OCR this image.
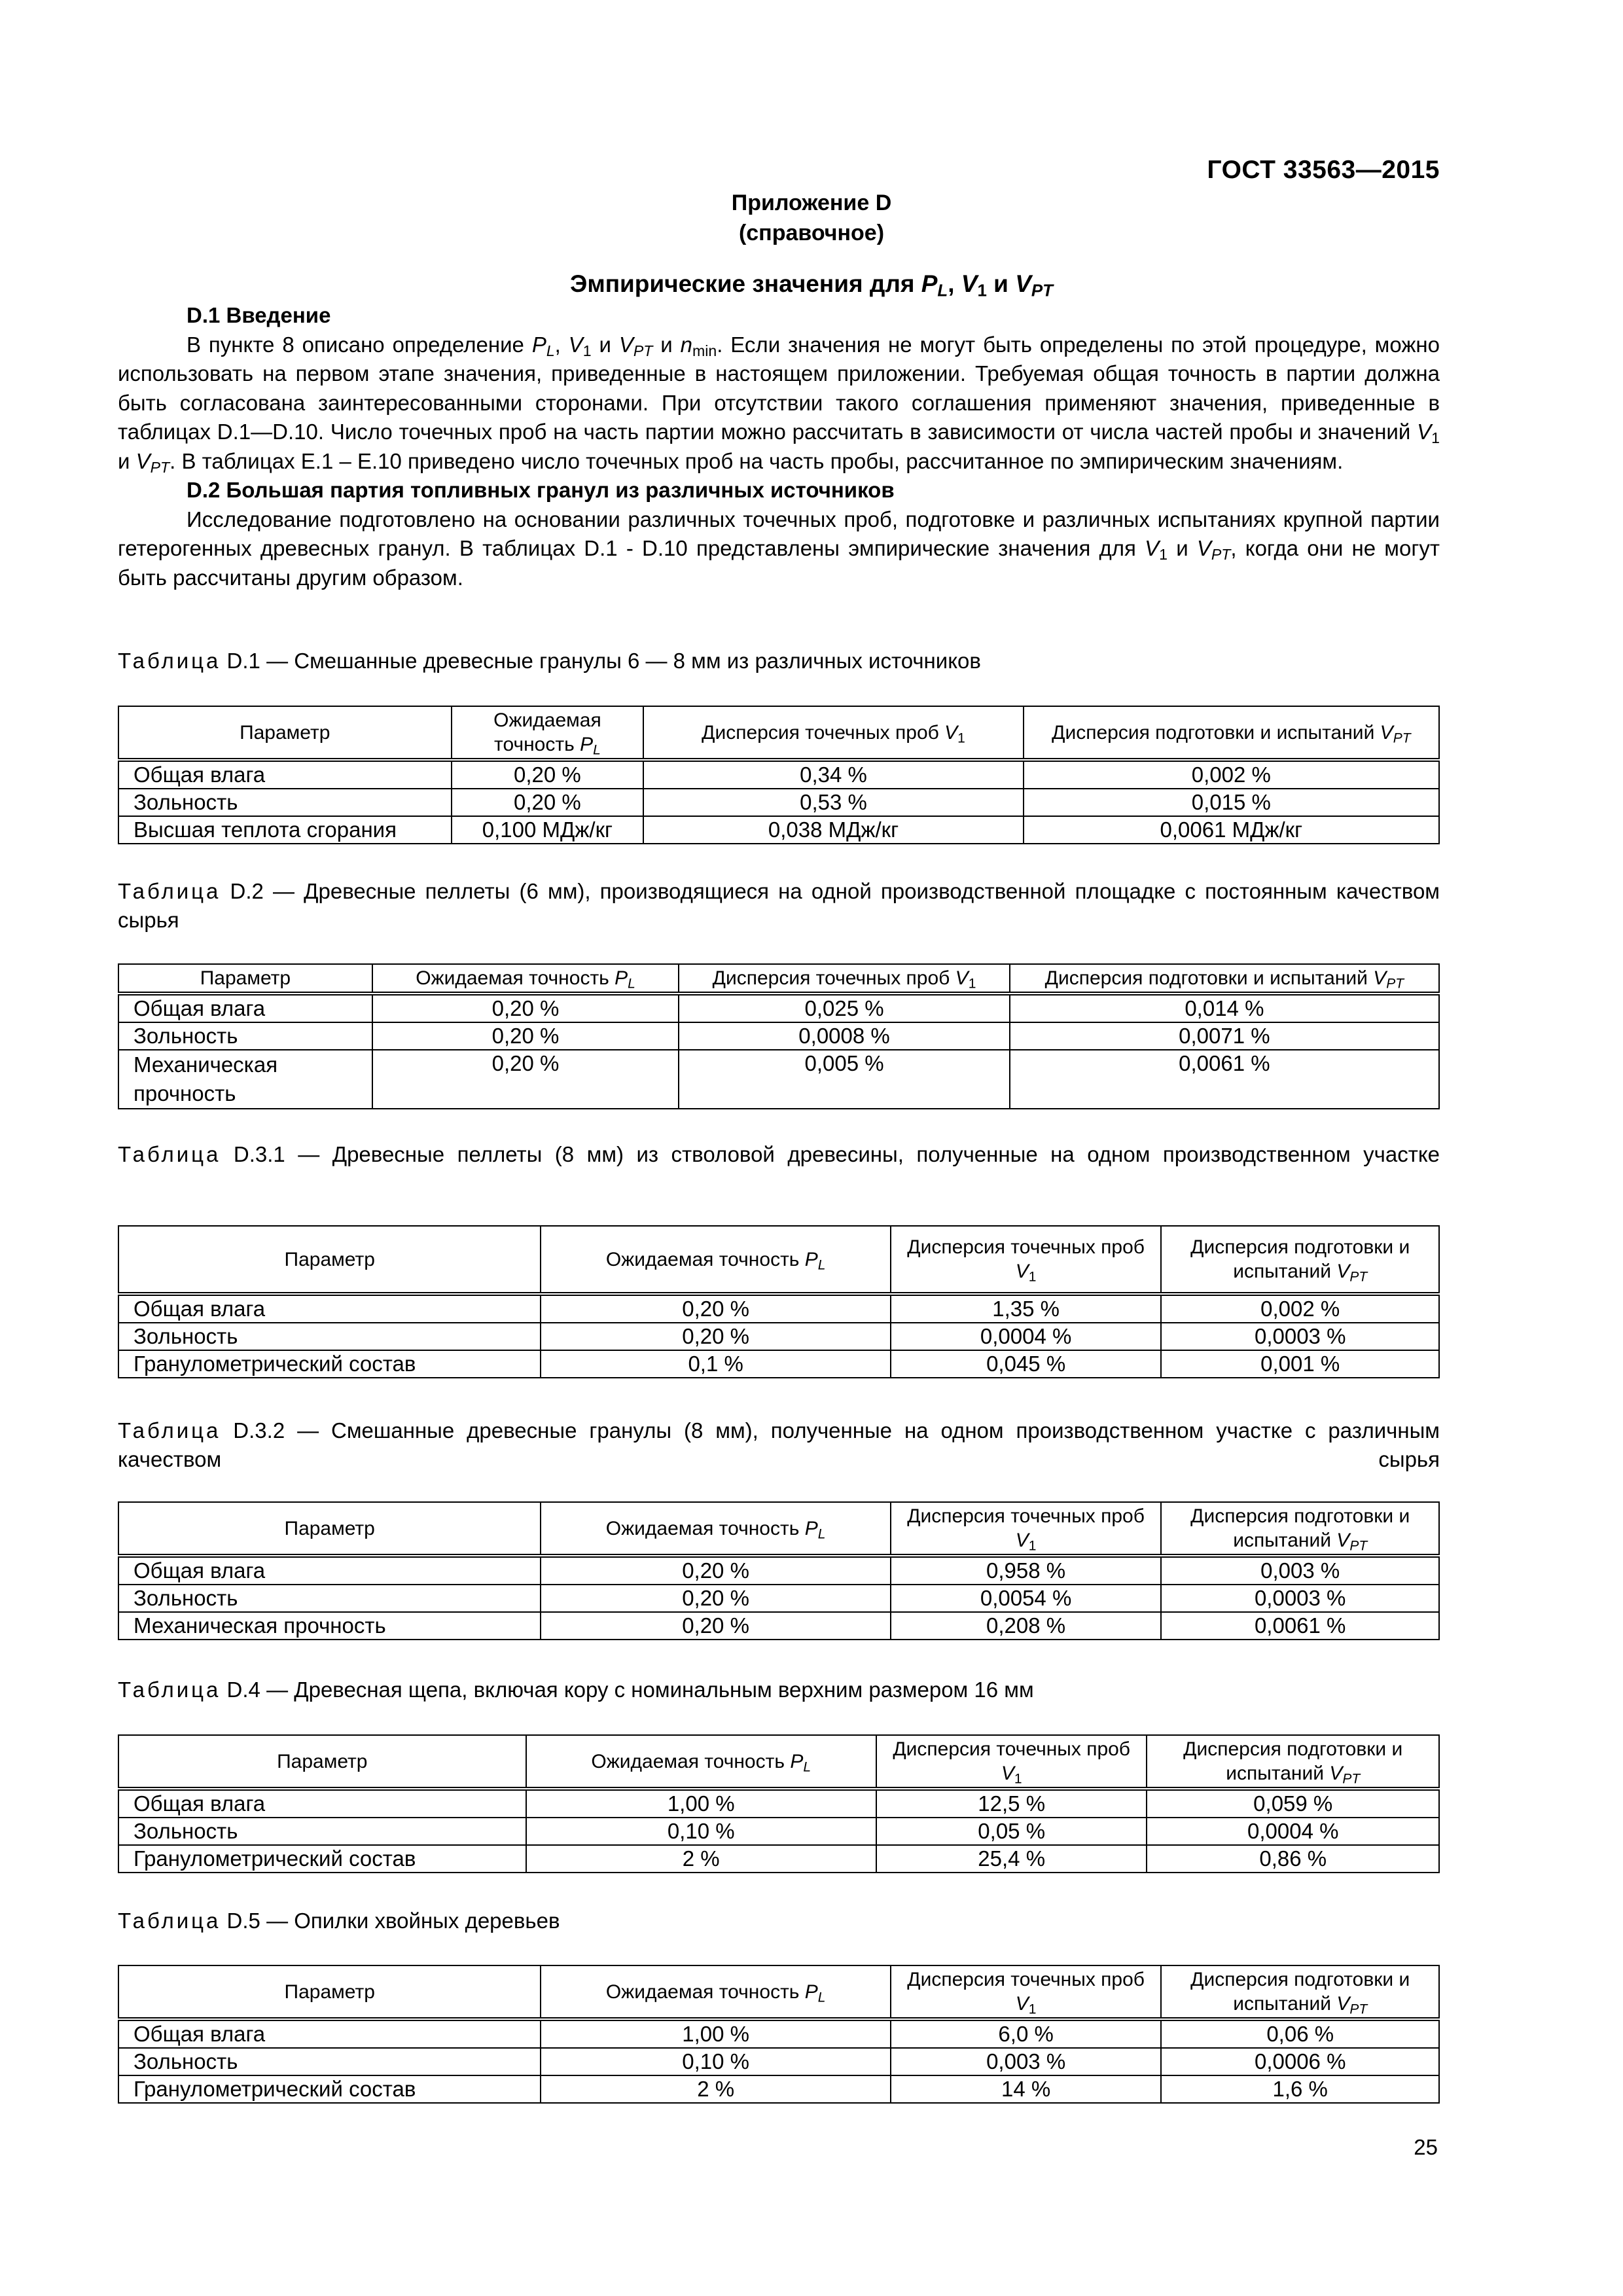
ГОСТ 33563—2015
Приложение D
(справочное)
Эмпирические значения для $P_L$, $V_1$ и $V_{PT}$
D.1 Введение
В пункте 8 описано определение $P_L$, $V_1$ и $V_{PT}$ и $n_{min}$. Если значения не могут быть определены по этой процедуре, можно использовать на первом этапе значения, приведенные в настоящем приложении. Требуемая общая точность в партии должна быть согласована заинтересованными сторонами. При отсутствии такого соглашения применяют значения, приведенные в таблицах D.1—D.10. Число точечных проб на часть партии можно рассчитать в зависимости от числа частей пробы и значений $V_1$ и $V_{PT}$. В таблицах Е.1 – Е.10 приведено число точечных проб на часть пробы, рассчитанное по эмпирическим значениям.
D.2 Большая партия топливных гранул из различных источников
Исследование подготовлено на основании различных точечных проб, подготовке и различных испытаниях крупной партии гетерогенных древесных гранул. В таблицах D.1 - D.10 представлены эмпирические значения для $V_1$ и $V_{PT}$, когда они не могут быть рассчитаны другим образом.
Таблица D.1 — Смешанные древесные гранулы 6 — 8 мм из различных источников
Параметр	Ожидаемая точность $P_L$	Дисперсия точечных проб $V_1$	Дисперсия подготовки и испытаний $V_{PT}$
Общая влага	0,20 %	0,34 %	0,002 %
Зольность	0,20 %	0,53 %	0,015 %
Высшая теплота сгорания	0,100 МДж/кг	0,038 МДж/кг	0,0061 МДж/кг
Таблица D.2 — Древесные пеллеты (6 мм), производящиеся на одной производственной площадке с постоянным качеством сырья
Параметр	Ожидаемая точность $P_L$	Дисперсия точечных проб $V_1$	Дисперсия подготовки и испытаний $V_{PT}$
Общая влага	0,20 %	0,025 %	0,014 %
Зольность	0,20 %	0,0008 %	0,0071 %
Механическая прочность	0,20 %	0,005 %	0,0061 %
Таблица D.3.1 — Древесные пеллеты (8 мм) из стволовой древесины, полученные на одном производственном участке
Параметр	Ожидаемая точность $P_L$	Дисперсия точечных проб $V_1$	Дисперсия подготовки и испытаний $V_{PT}$
Общая влага	0,20 %	1,35 %	0,002 %
Зольность	0,20 %	0,0004 %	0,0003 %
Гранулометрический состав	0,1 %	0,045 %	0,001 %
Таблица D.3.2 — Смешанные древесные гранулы (8 мм), полученные на одном производственном участке с различным качеством сырья
Параметр	Ожидаемая точность $P_L$	Дисперсия точечных проб $V_1$	Дисперсия подготовки и испытаний $V_{PT}$
Общая влага	0,20 %	0,958 %	0,003 %
Зольность	0,20 %	0,0054 %	0,0003 %
Механическая прочность	0,20 %	0,208 %	0,0061 %
Таблица D.4 — Древесная щепа, включая кору с номинальным верхним размером 16 мм
Параметр	Ожидаемая точность $P_L$	Дисперсия точечных проб $V_1$	Дисперсия подготовки и испытаний $V_{PT}$
Общая влага	1,00 %	12,5 %	0,059 %
Зольность	0,10 %	0,05 %	0,0004 %
Гранулометрический состав	2 %	25,4 %	0,86 %
Таблица D.5 — Опилки хвойных деревьев
Параметр	Ожидаемая точность $P_L$	Дисперсия точечных проб $V_1$	Дисперсия подготовки и испытаний $V_{PT}$
Общая влага	1,00 %	6,0 %	0,06 %
Зольность	0,10 %	0,003 %	0,0006 %
Гранулометрический состав	2 %	14 %	1,6 %
25
